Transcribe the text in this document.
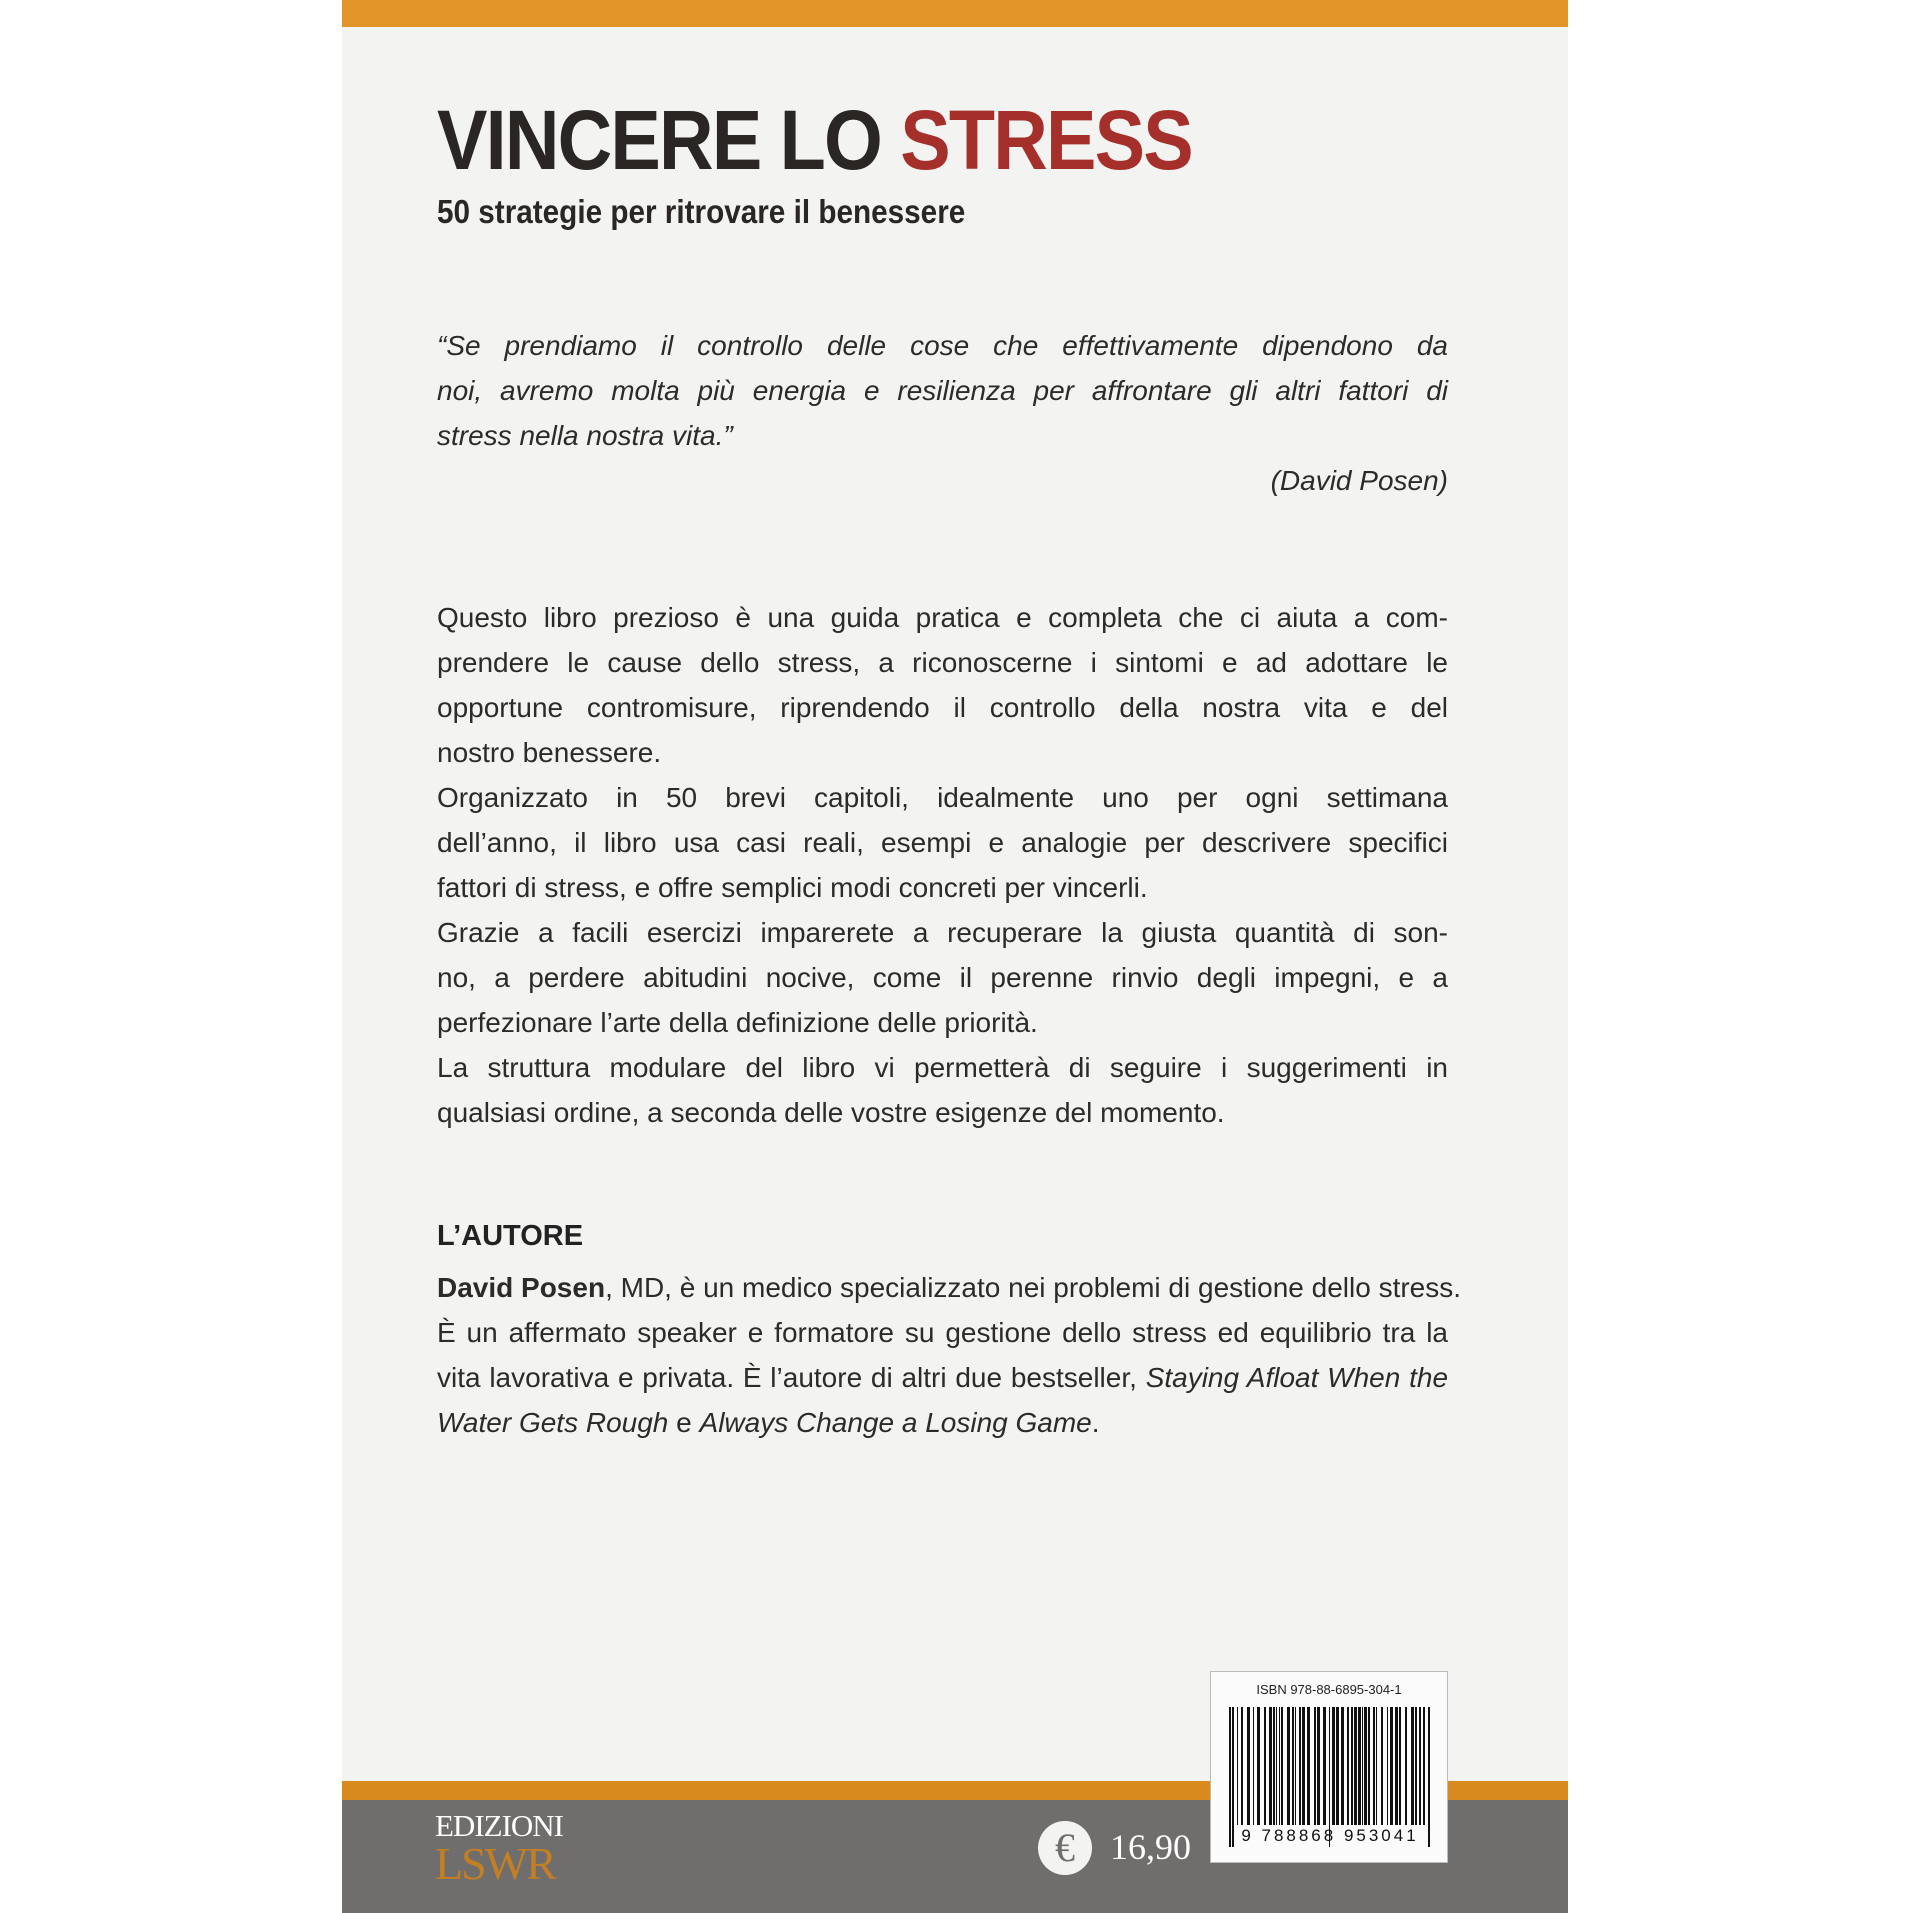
VINCERE LO STRESS
50 strategie per ritrovare il benessere
“Se prendiamo il controllo delle cose che effettivamente dipendono da
noi, avremo molta più energia e resilienza per affrontare gli altri fattori di
stress nella nostra vita.”
(David Posen)
Questo libro prezioso è una guida pratica e completa che ci aiuta a com-
prendere le cause dello stress, a riconoscerne i sintomi e ad adottare le
opportune contromisure, riprendendo il controllo della nostra vita e del
nostro benessere.
Organizzato in 50 brevi capitoli, idealmente uno per ogni settimana
dell’anno, il libro usa casi reali, esempi e analogie per descrivere specifici
fattori di stress, e offre semplici modi concreti per vincerli.
Grazie a facili esercizi imparerete a recuperare la giusta quantità di son-
no, a perdere abitudini nocive, come il perenne rinvio degli impegni, e a
perfezionare l’arte della definizione delle priorità.
La struttura modulare del libro vi permetterà di seguire i suggerimenti in
qualsiasi ordine, a seconda delle vostre esigenze del momento.
L’AUTORE
David Posen, MD, è un medico specializzato nei problemi di gestione dello stress.
È un affermato speaker e formatore su gestione dello stress ed equilibrio tra la
vita lavorativa e privata. È l’autore di altri due bestseller, Staying Afloat When the
Water Gets Rough e Always Change a Losing Game.
EDIZIONI
LSWR	€ 16,90
ISBN 978-88-6895-304-1
9 788868 953041
